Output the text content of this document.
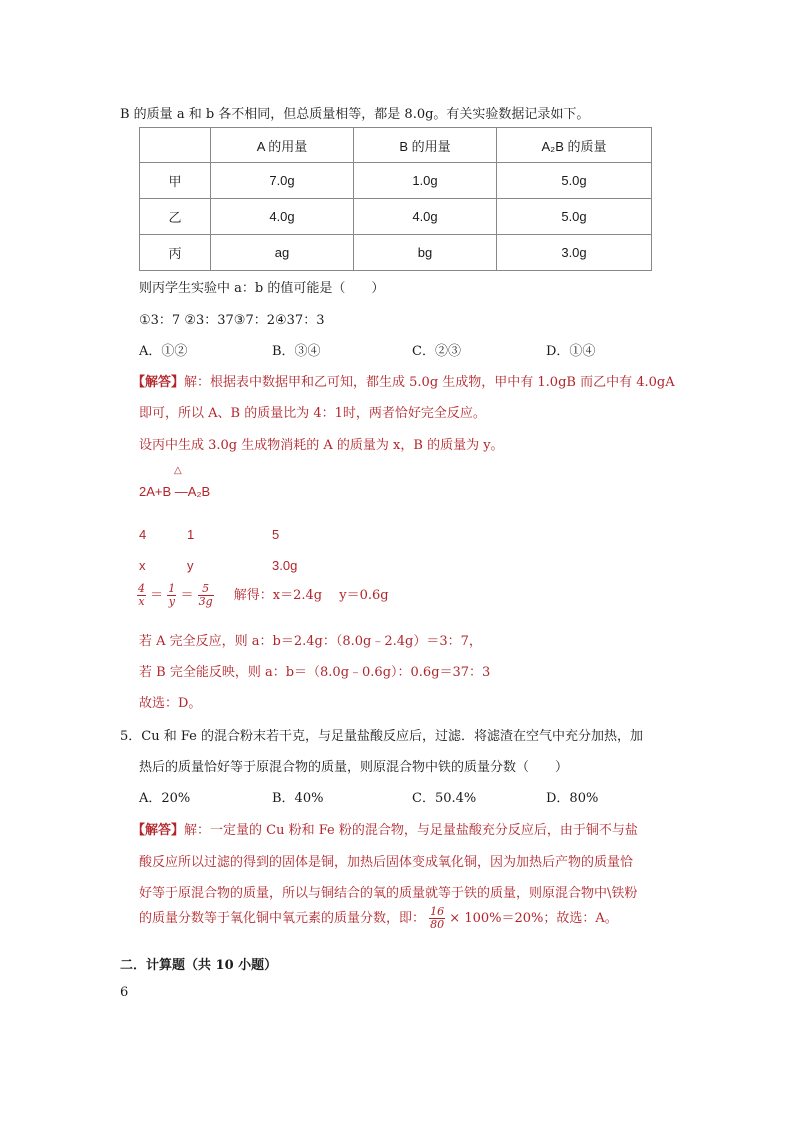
B 的质量 a 和 b 各不相同，但总质量相等，都是 8.0g。有关实验数据记录如下。
	A 的用量	B 的用量	A₂B 的质量
甲	7.0g	1.0g	5.0g
乙	4.0g	4.0g	5.0g
丙	ag	bg	3.0g
则丙学生实验中 a：b 的值可能是（　　）
①3：7 ②3：37③7：2④37：3
A．①②	B．③④	C．②③	D．①④
【解答】解：根据表中数据甲和乙可知，都生成 5.0g 生成物，甲中有 1.0gB 而乙中有 4.0gA
即可，所以 A、B 的质量比为 4：1时，两者恰好完全反应。
设丙中生成 3.0g 生成物消耗的 A 的质量为 x，B 的质量为 y。
△
2A+B —A₂B
4	1	5
x	y	3.0g
$\frac{4}{x} = \frac{1}{y} = \frac{5}{3g}$ 解得：x＝2.4g　 y＝0.6g
若 A 完全反应，则 a：b＝2.4g：（8.0g﹣2.4g）＝3：7，
若 B 完全能反映，则 a：b＝（8.0g﹣0.6g）：0.6g＝37：3
故选：D。
5．Cu 和 Fe 的混合粉末若干克，与足量盐酸反应后，过滤．将滤渣在空气中充分加热，加
热后的质量恰好等于原混合物的质量，则原混合物中铁的质量分数（　　）
A．20%	B．40%	C．50.4%	D．80%
【解答】解：一定量的 Cu 粉和 Fe 粉的混合物，与足量盐酸充分反应后，由于铜不与盐
酸反应所以过滤的得到的固体是铜，加热后固体变成氧化铜，因为加热后产物的质量恰
好等于原混合物的质量，所以与铜结合的氧的质量就等于铁的质量，则原混合物中\铁粉
的质量分数等于氧化铜中氧元素的质量分数，即： $\frac{16}{80} \times 100\%=20\%$；故选：A。
二．计算题（共 10 小题）
6
